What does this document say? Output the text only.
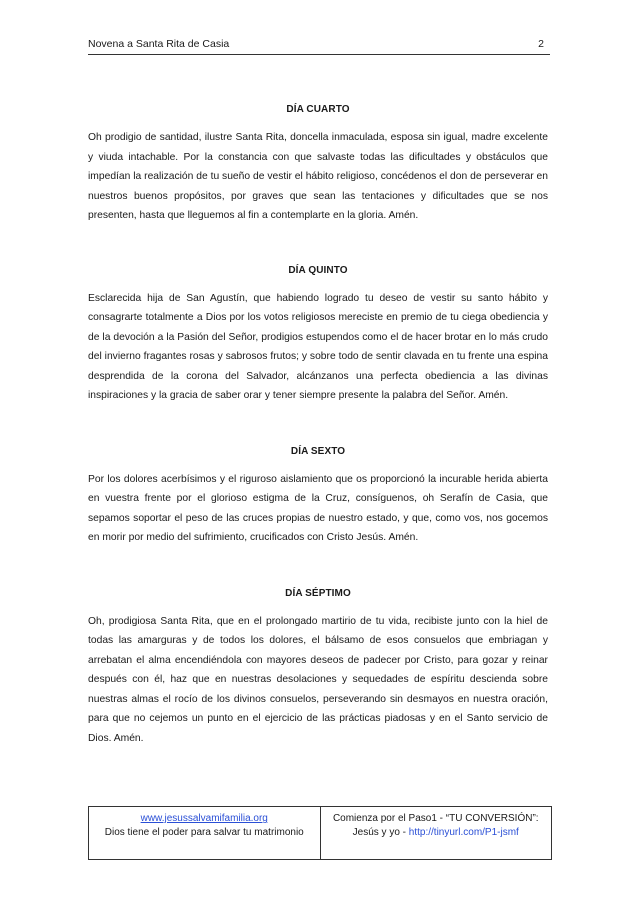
Novena a Santa Rita de Casia	2
DÍA CUARTO

Oh prodigio de santidad, ilustre Santa Rita, doncella inmaculada, esposa sin igual, madre excelente y viuda intachable. Por la constancia con que salvaste todas las dificultades y obstáculos que impedían la realización de tu sueño de vestir el hábito religioso, concédenos el don de perseverar en nuestros buenos propósitos, por graves que sean las tentaciones y dificultades que se nos presenten, hasta que lleguemos al fin a contemplarte en la gloria. Amén.

DÍA QUINTO

Esclarecida hija de San Agustín, que habiendo logrado tu deseo de vestir su santo hábito y consagrarte totalmente a Dios por los votos religiosos mereciste en premio de tu ciega obediencia y de la devoción a la Pasión del Señor, prodigios estupendos como el de hacer brotar en lo más crudo del invierno fragantes rosas y sabrosos frutos; y sobre todo de sentir clavada en tu frente una espina desprendida de la corona del Salvador, alcánzanos una perfecta obediencia a las divinas inspiraciones y la gracia de saber orar y tener siempre presente la palabra del Señor. Amén.

DÍA SEXTO

Por los dolores acerbísimos y el riguroso aislamiento que os proporcionó la incurable herida abierta en vuestra frente por el glorioso estigma de la Cruz, consíguenos, oh Serafín de Casia, que sepamos soportar el peso de las cruces propias de nuestro estado, y que, como vos, nos gocemos en morir por medio del sufrimiento, crucificados con Cristo Jesús. Amén.

DÍA SÉPTIMO

Oh, prodigiosa Santa Rita, que en el prolongado martirio de tu vida, recibiste junto con la hiel de todas las amarguras y de todos los dolores, el bálsamo de esos consuelos que embriagan y arrebatan el alma encendiéndola con mayores deseos de padecer por Cristo, para gozar y reinar después con él, haz que en nuestras desolaciones y sequedades de espíritu descienda sobre nuestras almas el rocío de los divinos consuelos, perseverando sin desmayos en nuestra oración, para que no cejemos un punto en el ejercicio de las prácticas piadosas y en el Santo servicio de Dios. Amén.

www.jesussalvamifamilia.org
Dios tiene el poder para salvar tu matrimonio
Comienza por el Paso1 - “TU CONVERSIÓN”:
Jesús y yo - http://tinyurl.com/P1-jsmf
